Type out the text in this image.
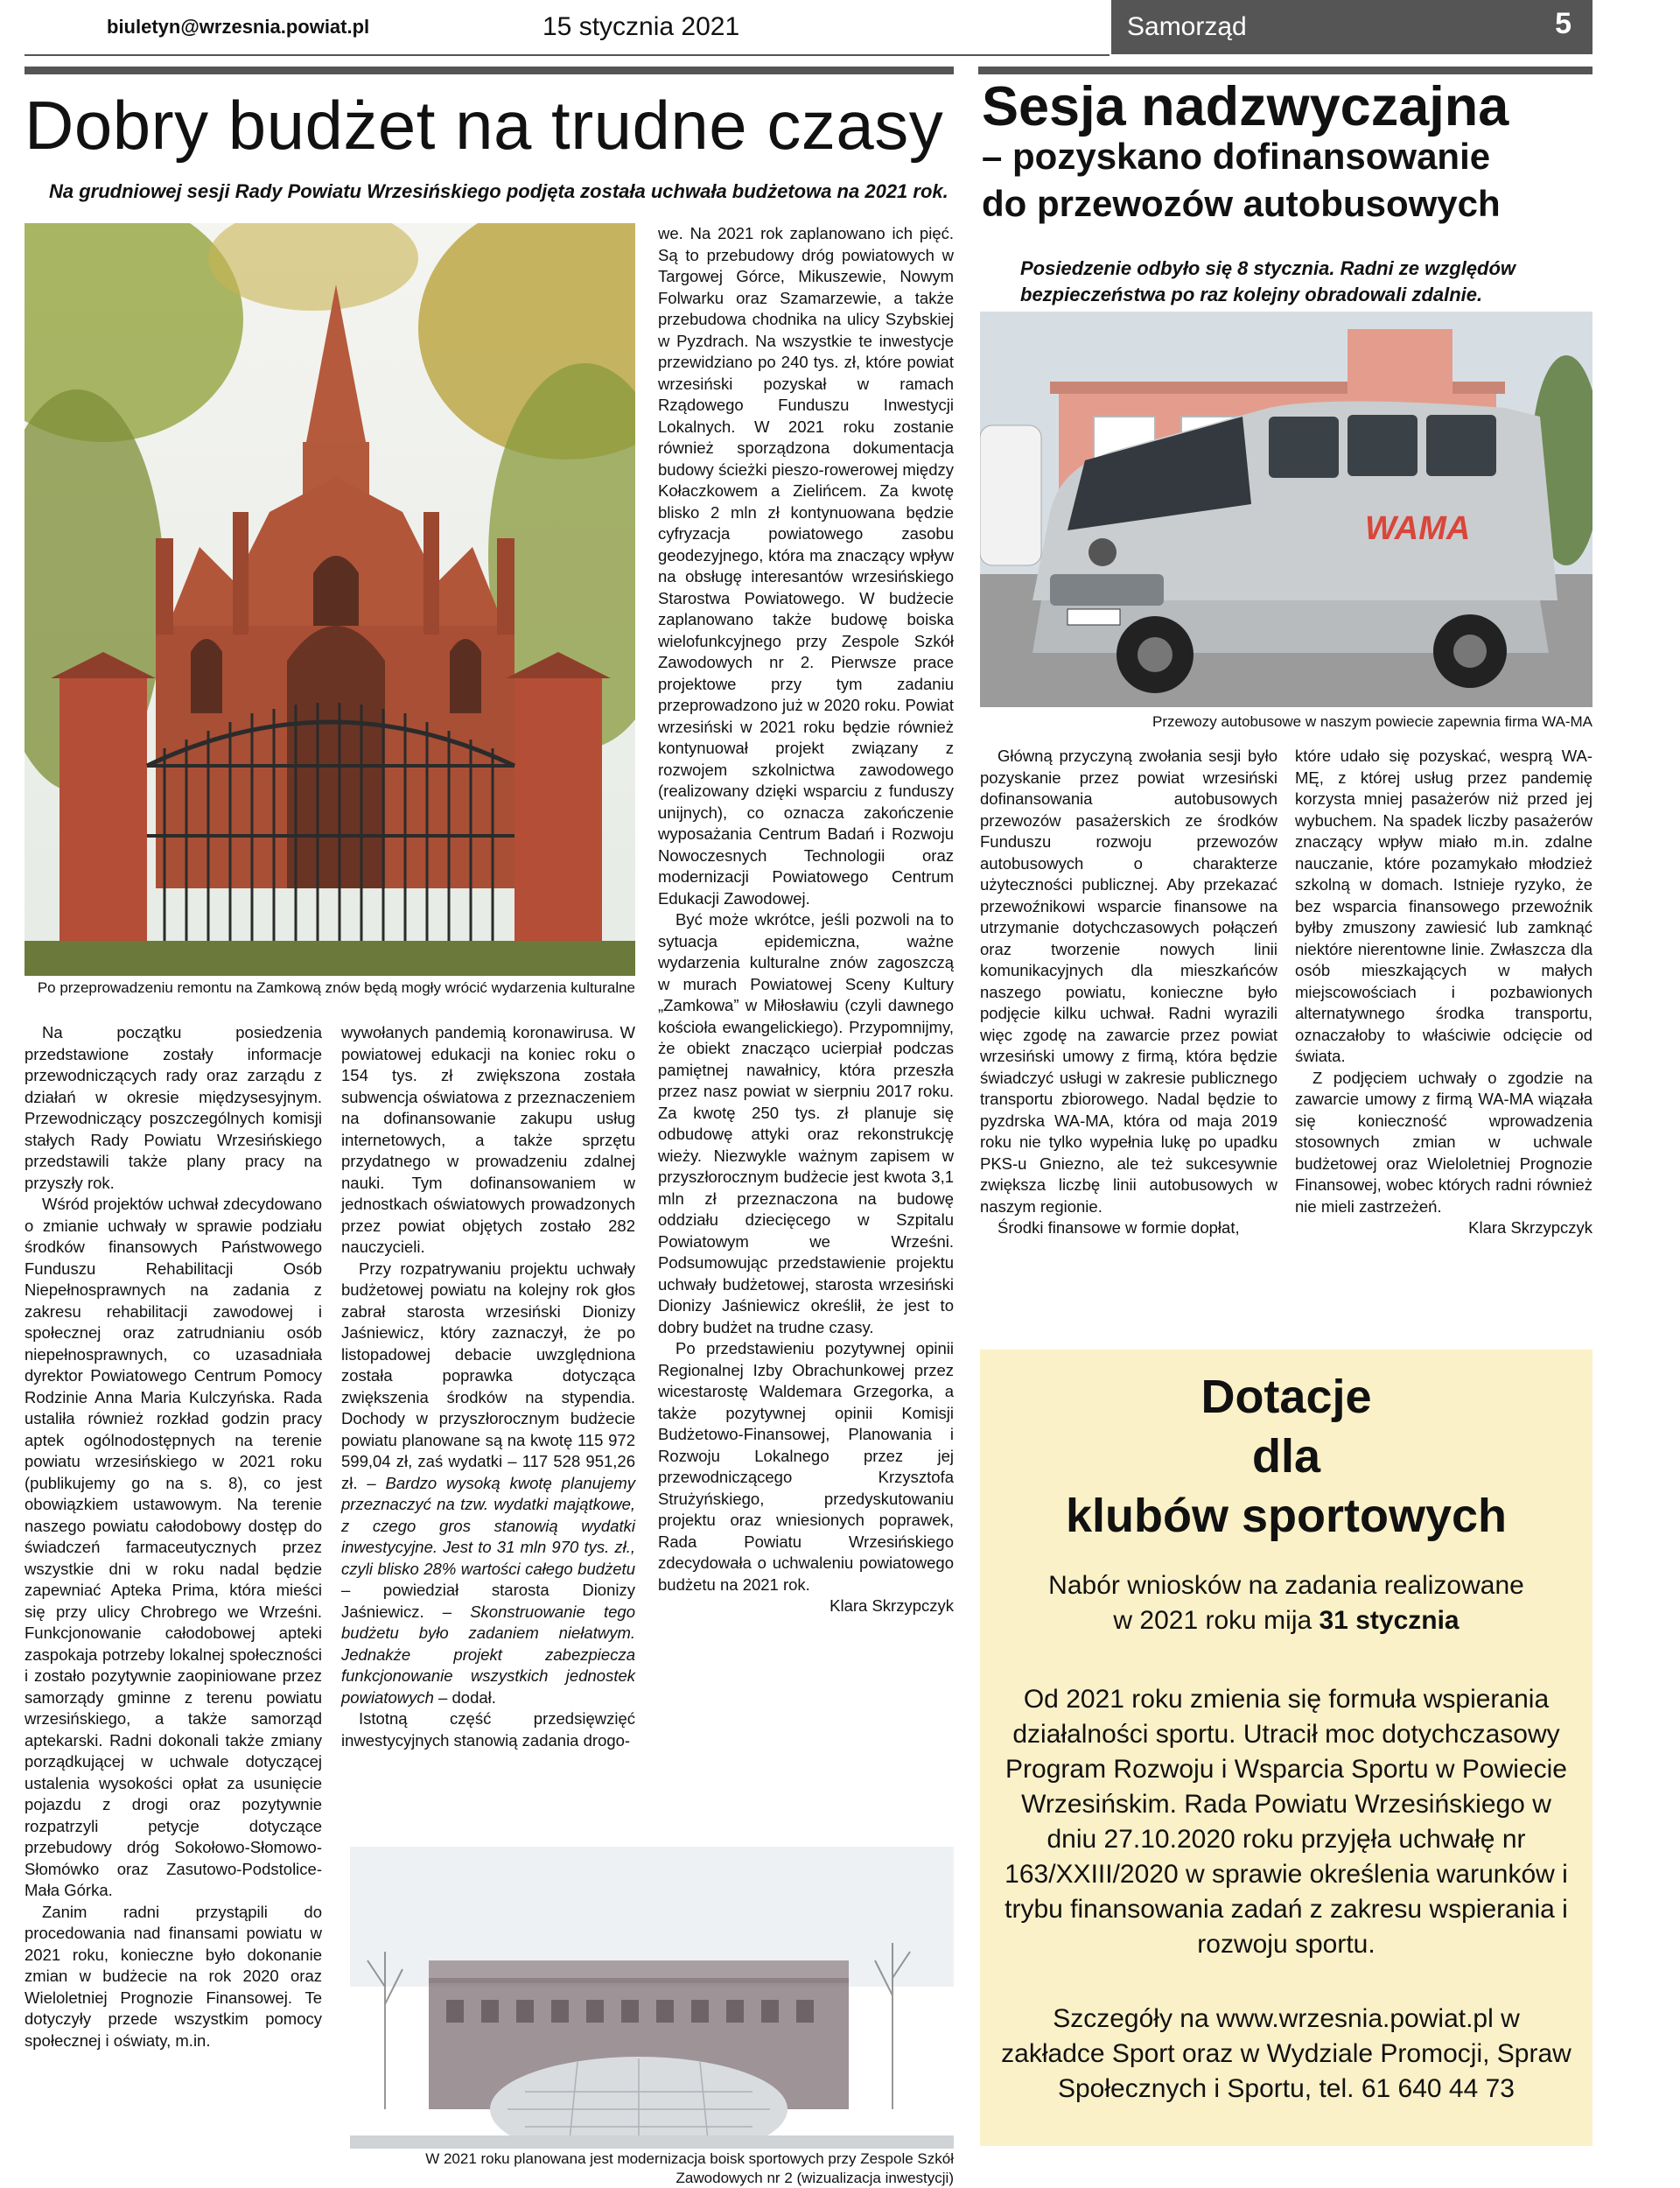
biuletyn@wrzesnia.powiat.pl	15 stycznia 2021	Samorząd	5
Dobry budżet na trudne czasy
Na grudniowej sesji Rady Powiatu Wrzesińskiego podjęta została uchwała budżetowa na 2021 rok.
Po przeprowadzeniu remontu na Zamkową znów będą mogły wrócić wydarzenia kulturalne

Na początku posiedzenia przedstawione zostały informacje przewodniczących rady oraz zarządu z działań w okresie międzysesyjnym. Przewodniczący poszczególnych komisji stałych Rady Powiatu Wrzesińskiego przedstawili także plany pracy na przyszły rok.

Wśród projektów uchwał zdecydowano o zmianie uchwały w sprawie podziału środków finansowych Państwowego Funduszu Rehabilitacji Osób Niepełnosprawnych na zadania z zakresu rehabilitacji zawodowej i społecznej oraz zatrudnianiu osób niepełnosprawnych, co uzasadniała dyrektor Powiatowego Centrum Pomocy Rodzinie Anna Maria Kulczyńska. Rada ustaliła również rozkład godzin pracy aptek ogólnodostępnych na terenie powiatu wrzesińskiego w 2021 roku (publikujemy go na s. 8), co jest obowiązkiem ustawowym. Na terenie naszego powiatu całodobowy dostęp do świadczeń farmaceutycznych przez wszystkie dni w roku nadal będzie zapewniać Apteka Prima, która mieści się przy ulicy Chrobrego we Wrześni. Funkcjonowanie całodobowej apteki zaspokaja potrzeby lokalnej społeczności i zostało pozytywnie zaopiniowane przez samorządy gminne z terenu powiatu wrzesińskiego, a także samorząd aptekarski. Radni dokonali także zmiany porządkującej w uchwale dotyczącej ustalenia wysokości opłat za usunięcie pojazdu z drogi oraz pozytywnie rozpatrzyli petycje dotyczące przebudowy dróg Sokołowo-Słomowo-Słomówko oraz Zasutowo-Podstolice-Mała Górka.

Zanim radni przystąpili do procedowania nad finansami powiatu w 2021 roku, konieczne było dokonanie zmian w budżecie na rok 2020 oraz Wieloletniej Prognozie Finansowej. Te dotyczyły przede wszystkim pomocy społecznej i oświaty, m.in.

wywołanych pandemią koronawirusa. W powiatowej edukacji na koniec roku o 154 tys. zł zwiększona została subwencja oświatowa z przeznaczeniem na dofinansowanie zakupu usług internetowych, a także sprzętu przydatnego w prowadzeniu zdalnej nauki. Tym dofinansowaniem w jednostkach oświatowych prowadzonych przez powiat objętych zostało 282 nauczycieli.

Przy rozpatrywaniu projektu uchwały budżetowej powiatu na kolejny rok głos zabrał starosta wrzesiński Dionizy Jaśniewicz, który zaznaczył, że po listopadowej debacie uwzględniona została poprawka dotycząca zwiększenia środków na stypendia. Dochody w przyszłorocznym budżecie powiatu planowane są na kwotę 115 972 599,04 zł, zaś wydatki – 117 528 951,26 zł. – Bardzo wysoką kwotę planujemy przeznaczyć na tzw. wydatki majątkowe, z czego gros stanowią wydatki inwestycyjne. Jest to 31 mln 970 tys. zł., czyli blisko 28% wartości całego budżetu – powiedział starosta Dionizy Jaśniewicz. – Skonstruowanie tego budżetu było zadaniem niełatwym. Jednakże projekt zabezpiecza funkcjonowanie wszystkich jednostek powiatowych – dodał.

Istotną część przedsięwzięć inwestycyjnych stanowią zadania drogo-

we. Na 2021 rok zaplanowano ich pięć. Są to przebudowy dróg powiatowych w Targowej Górce, Mikuszewie, Nowym Folwarku oraz Szamarzewie, a także przebudowa chodnika na ulicy Szybskiej w Pyzdrach. Na wszystkie te inwestycje przewidziano po 240 tys. zł, które powiat wrzesiński pozyskał w ramach Rządowego Funduszu Inwestycji Lokalnych. W 2021 roku zostanie również sporządzona dokumentacja budowy ścieżki pieszo-rowerowej między Kołaczkowem a Zielińcem. Za kwotę blisko 2 mln zł kontynuowana będzie cyfryzacja powiatowego zasobu geodezyjnego, która ma znaczący wpływ na obsługę interesantów wrzesińskiego Starostwa Powiatowego. W budżecie zaplanowano także budowę boiska wielofunkcyjnego przy Zespole Szkół Zawodowych nr 2. Pierwsze prace projektowe przy tym zadaniu przeprowadzono już w 2020 roku. Powiat wrzesiński w 2021 roku będzie również kontynuował projekt związany z rozwojem szkolnictwa zawodowego (realizowany dzięki wsparciu z funduszy unijnych), co oznacza zakończenie wyposażania Centrum Badań i Rozwoju Nowoczesnych Technologii oraz modernizacji Powiatowego Centrum Edukacji Zawodowej.

Być może wkrótce, jeśli pozwoli na to sytuacja epidemiczna, ważne wydarzenia kulturalne znów zagoszczą w murach Powiatowej Sceny Kultury „Zamkowa” w Miłosławiu (czyli dawnego kościoła ewangelickiego). Przypomnijmy, że obiekt znacząco ucierpiał podczas pamiętnej nawałnicy, która przeszła przez nasz powiat w sierpniu 2017 roku. Za kwotę 250 tys. zł planuje się odbudowę attyki oraz rekonstrukcję wieży. Niezwykle ważnym zapisem w przyszłorocznym budżecie jest kwota 3,1 mln zł przeznaczona na budowę oddziału dziecięcego w Szpitalu Powiatowym we Wrześni. Podsumowując przedstawienie projektu uchwały budżetowej, starosta wrzesiński Dionizy Jaśniewicz określił, że jest to dobry budżet na trudne czasy.

Po przedstawieniu pozytywnej opinii Regionalnej Izby Obrachunkowej przez wicestarostę Waldemara Grzegorka, a także pozytywnej opinii Komisji Budżetowo-Finansowej, Planowania i Rozwoju Lokalnego przez jej przewodniczącego Krzysztofa Strużyńskiego, przedyskutowaniu projektu oraz wniesionych poprawek, Rada Powiatu Wrzesińskiego zdecydowała o uchwaleniu powiatowego budżetu na 2021 rok.

Klara Skrzypczyk

W 2021 roku planowana jest modernizacja boisk sportowych przy Zespole Szkół Zawodowych nr 2 (wizualizacja inwestycji)
Sesja nadzwyczajna
– pozyskano dofinansowanie
do przewozów autobusowych
Posiedzenie odbyło się 8 stycznia. Radni ze względów bezpieczeństwa po raz kolejny obradowali zdalnie.
WAMA
Przewozy autobusowe w naszym powiecie zapewnia firma WA-MA

Główną przyczyną zwołania sesji było pozyskanie przez powiat wrzesiński dofinansowania autobusowych przewozów pasażerskich ze środków Funduszu rozwoju przewozów autobusowych o charakterze użyteczności publicznej. Aby przekazać przewoźnikowi wsparcie finansowe na utrzymanie dotychczasowych połączeń oraz tworzenie nowych linii komunikacyjnych dla mieszkańców naszego powiatu, konieczne było podjęcie kilku uchwał. Radni wyrazili więc zgodę na zawarcie przez powiat wrzesiński umowy z firmą, która będzie świadczyć usługi w zakresie publicznego transportu zbiorowego. Nadal będzie to pyzdrska WA-MA, która od maja 2019 roku nie tylko wypełnia lukę po upadku PKS-u Gniezno, ale też sukcesywnie zwiększa liczbę linii autobusowych w naszym regionie.

Środki finansowe w formie dopłat,

które udało się pozyskać, wesprą WA-MĘ, z której usług przez pandemię korzysta mniej pasażerów niż przed jej wybuchem. Na spadek liczby pasażerów znaczący wpływ miało m.in. zdalne nauczanie, które pozamykało młodzież szkolną w domach. Istnieje ryzyko, że bez wsparcia finansowego przewoźnik byłby zmuszony zawiesić lub zamknąć niektóre nierentowne linie. Zwłaszcza dla osób mieszkających w małych miejscowościach i pozbawionych alternatywnego środka transportu, oznaczałoby to właściwie odcięcie od świata.

Z podjęciem uchwały o zgodzie na zawarcie umowy z firmą WA-MA wiązała się konieczność wprowadzenia stosownych zmian w uchwale budżetowej oraz Wieloletniej Prognozie Finansowej, wobec których radni również nie mieli zastrzeżeń.

Klara Skrzypczyk

Dotacje
dla
klubów sportowych
Nabór wniosków na zadania realizowane
w 2021 roku mija 31 stycznia
Od 2021 roku zmienia się formuła wspierania działalności sportu. Utracił moc dotychczasowy Program Rozwoju i Wsparcia Sportu w Powiecie Wrzesińskim. Rada Powiatu Wrzesińskiego w dniu 27.10.2020 roku przyjęła uchwałę nr 163/XXIII/2020 w sprawie określenia warunków i trybu finansowania zadań z zakresu wspierania i rozwoju sportu.
Szczegóły na www.wrzesnia.powiat.pl w zakładce Sport oraz w Wydziale Promocji, Spraw Społecznych i Sportu, tel. 61 640 44 73
